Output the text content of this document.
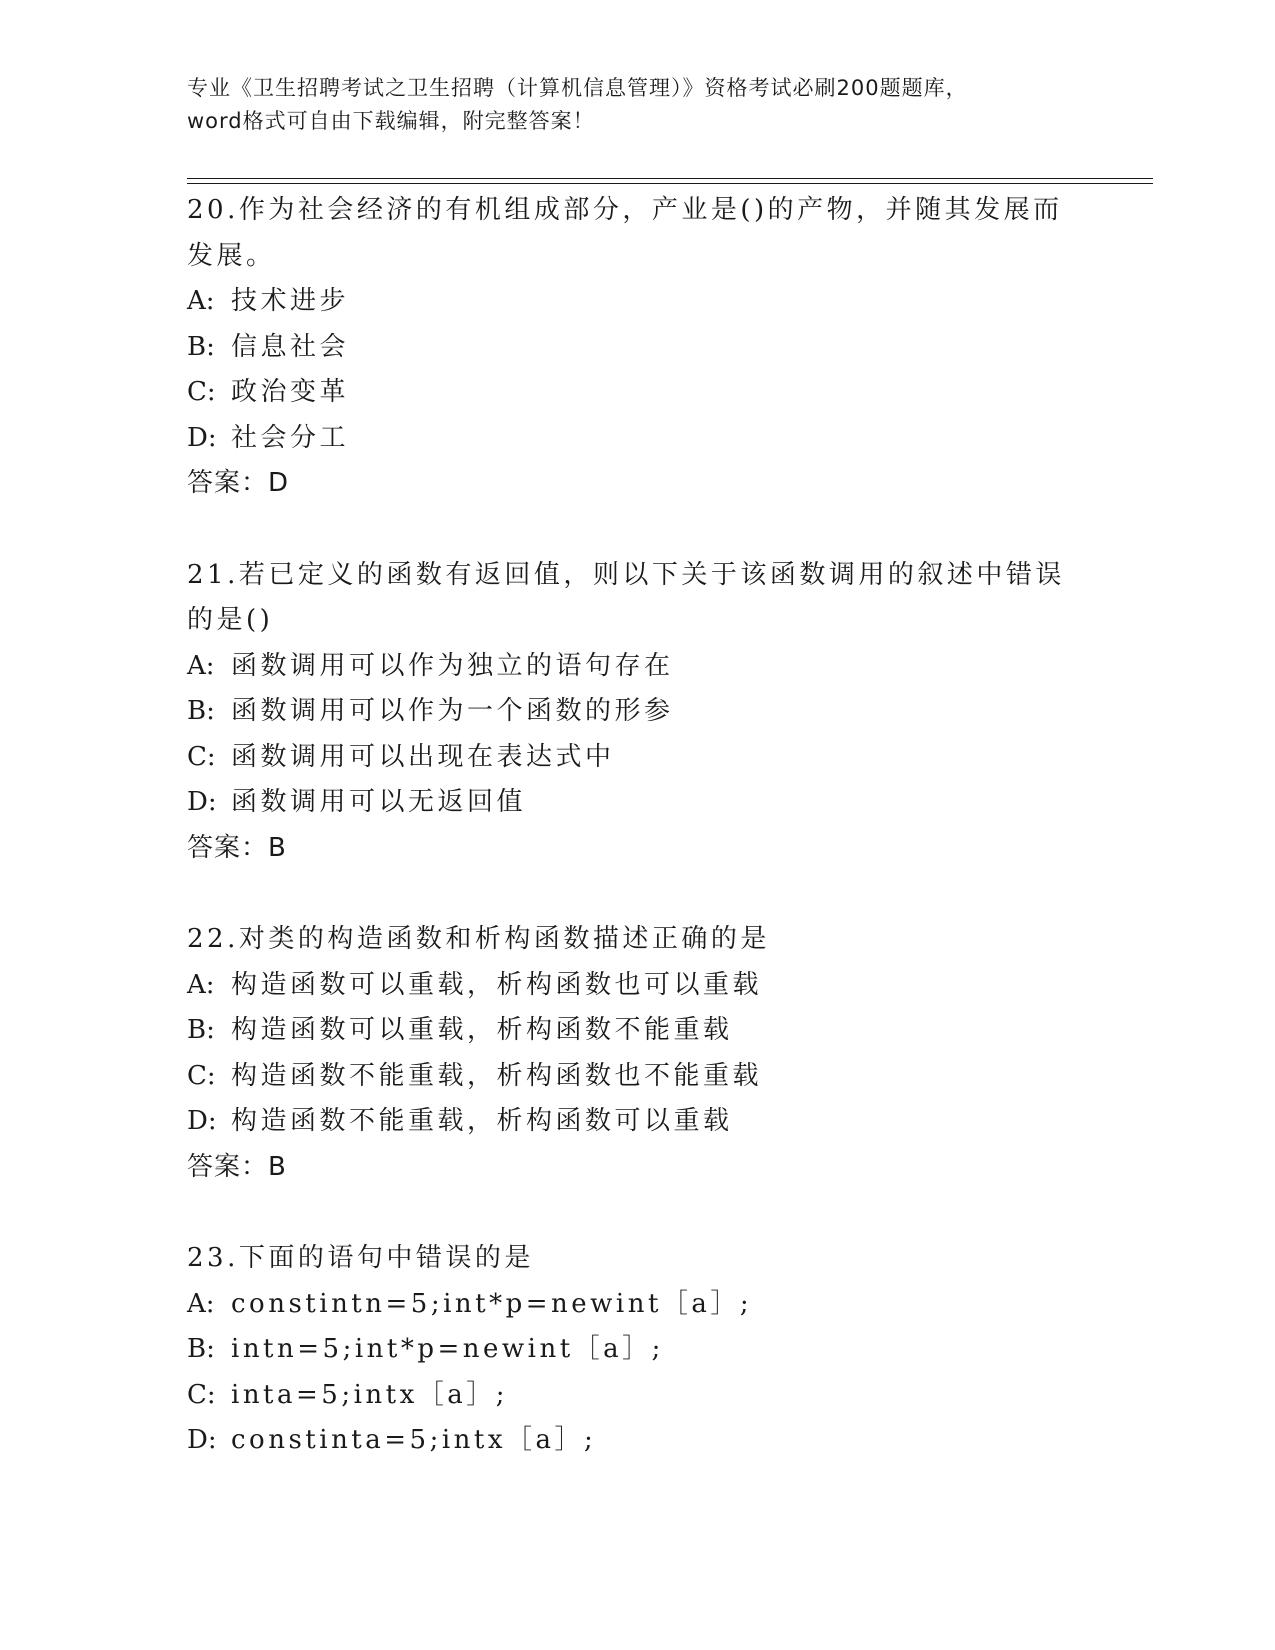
专业《卫生招聘考试之卫生招聘（计算机信息管理）》资格考试必刷200题题库，
word格式可自由下载编辑，附完整答案！
20.作为社会经济的有机组成部分，产业是()的产物，并随其发展而发展。
A: 技术进步
B: 信息社会
C: 政治变革
D: 社会分工
答案：D
21.若已定义的函数有返回值，则以下关于该函数调用的叙述中错误的是()
A: 函数调用可以作为独立的语句存在
B: 函数调用可以作为一个函数的形参
C: 函数调用可以出现在表达式中
D: 函数调用可以无返回值
答案：B
22.对类的构造函数和析构函数描述正确的是
A: 构造函数可以重载，析构函数也可以重载
B: 构造函数可以重载，析构函数不能重载
C: 构造函数不能重载，析构函数也不能重载
D: 构造函数不能重载，析构函数可以重载
答案：B
23.下面的语句中错误的是
A: constintn=5;int*p=newint［a］;
B: intn=5;int*p=newint［a］;
C: inta=5;intx［a］;
D: constinta=5;intx［a］;
